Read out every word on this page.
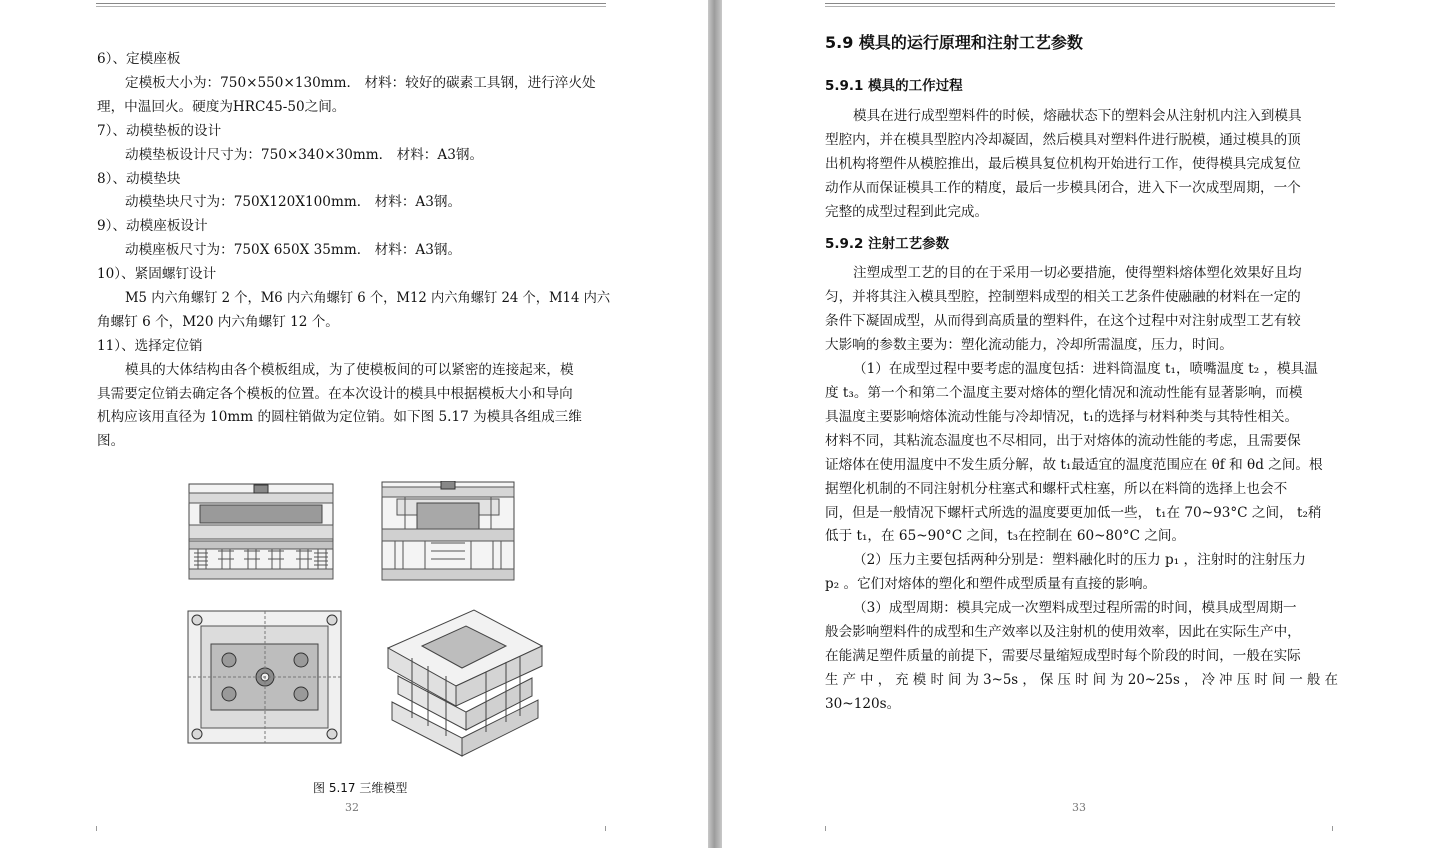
6）、定模座板
定模板大小为：750×550×130mm． 材料：较好的碳素工具钢，进行淬火处
理，中温回火。硬度为HRC45-50之间。
7）、动模垫板的设计
动模垫板设计尺寸为：750×340×30mm． 材料：A3钢。
8）、动模垫块
动模垫块尺寸为：750X120X100mm． 材料：A3钢。
9）、动模座板设计
动模座板尺寸为：750X 650X 35mm． 材料：A3钢。
10）、紧固螺钉设计
M5 内六角螺钉 2 个，M6 内六角螺钉 6 个，M12 内六角螺钉 24 个，M14 内六
角螺钉 6 个，M20 内六角螺钉 12 个。
11）、选择定位销
模具的大体结构由各个模板组成，为了使模板间的可以紧密的连接起来，模
具需要定位销去确定各个模板的位置。在本次设计的模具中根据模板大小和导向
机构应该用直径为 10mm 的圆柱销做为定位销。如下图 5.17 为模具各组成三维
图。
图 5.17 三维模型
32
5.9 模具的运行原理和注射工艺参数
5.9.1 模具的工作过程
模具在进行成型塑料件的时候，熔融状态下的塑料会从注射机内注入到模具
型腔内，并在模具型腔内冷却凝固，然后模具对塑料件进行脱模，通过模具的顶
出机构将塑件从模腔推出，最后模具复位机构开始进行工作，使得模具完成复位
动作从而保证模具工作的精度，最后一步模具闭合，进入下一次成型周期，一个
完整的成型过程到此完成。
5.9.2 注射工艺参数
注塑成型工艺的目的在于采用一切必要措施，使得塑料熔体塑化效果好且均
匀，并将其注入模具型腔，控制塑料成型的相关工艺条件使融融的材料在一定的
条件下凝固成型，从而得到高质量的塑料件，在这个过程中对注射成型工艺有较
大影响的参数主要为：塑化流动能力，冷却所需温度，压力，时间。
（1）在成型过程中要考虑的温度包括：进料筒温度 t₁，喷嘴温度 t₂ ，模具温
度 t₃。第一个和第二个温度主要对熔体的塑化情况和流动性能有显著影响，而模
具温度主要影响熔体流动性能与冷却情况，t₁的选择与材料种类与其特性相关。
材料不同，其粘流态温度也不尽相同，出于对熔体的流动性能的考虑，且需要保
证熔体在使用温度中不发生质分解，故 t₁最适宜的温度范围应在 θf 和 θd 之间。根
据塑化机制的不同注射机分柱塞式和螺杆式柱塞，所以在料筒的选择上也会不
同，但是一般情况下螺杆式所选的温度要更加低一些， t₁在 70~93°C 之间， t₂稍
低于 t₁，在 65~90°C 之间，t₃在控制在 60~80°C 之间。
（2）压力主要包括两种分别是：塑料融化时的压力 p₁ ，注射时的注射压力
p₂ 。它们对熔体的塑化和塑件成型质量有直接的影响。
（3）成型周期：模具完成一次塑料成型过程所需的时间，模具成型周期一
般会影响塑料件的成型和生产效率以及注射机的使用效率，因此在实际生产中，
在能满足塑件质量的前提下，需要尽量缩短成型时每个阶段的时间，一般在实际
生 产 中 ， 充 模 时 间 为 3~5s ， 保 压 时 间 为 20~25s ， 冷 冲 压 时 间 一 般 在
30~120s。
33
